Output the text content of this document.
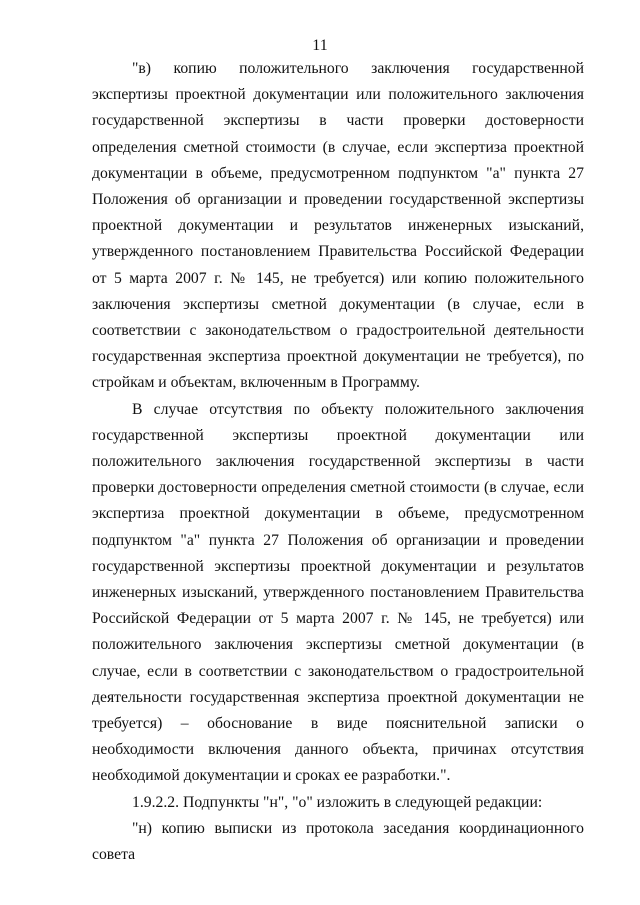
11

"в) копию положительного заключения государственной экспертизы проектной документации или положительного заключения государственной экспертизы в части проверки достоверности определения сметной стоимости (в случае, если экспертиза проектной документации в объеме, предусмотренном подпунктом "а" пункта 27 Положения об организации и проведении государственной экспертизы проектной документации и результатов инженерных изысканий, утвержденного постановлением Правительства Российской Федерации от 5 марта 2007 г. № 145, не требуется) или копию положительного заключения экспертизы сметной документации (в случае, если в соответствии с законодательством о градостроительной деятельности государственная экспертиза проектной документации не требуется), по стройкам и объектам, включенным в Программу.

В случае отсутствия по объекту положительного заключения государственной экспертизы проектной документации или положительного заключения государственной экспертизы в части проверки достоверности определения сметной стоимости (в случае, если экспертиза проектной документации в объеме, предусмотренном подпунктом "а" пункта 27 Положения об организации и проведении государственной экспертизы проектной документации и результатов инженерных изысканий, утвержденного постановлением Правительства Российской Федерации от 5 марта 2007 г. № 145, не требуется) или положительного заключения экспертизы сметной документации (в случае, если в соответствии с законодательством о градостроительной деятельности государственная экспертиза проектной документации не требуется) – обоснование в виде пояснительной записки о необходимости включения данного объекта, причинах отсутствия необходимой документации и сроках ее разработки.".

1.9.2.2. Подпункты "н", "о" изложить в следующей редакции:

"н) копию выписки из протокола заседания координационного совета
